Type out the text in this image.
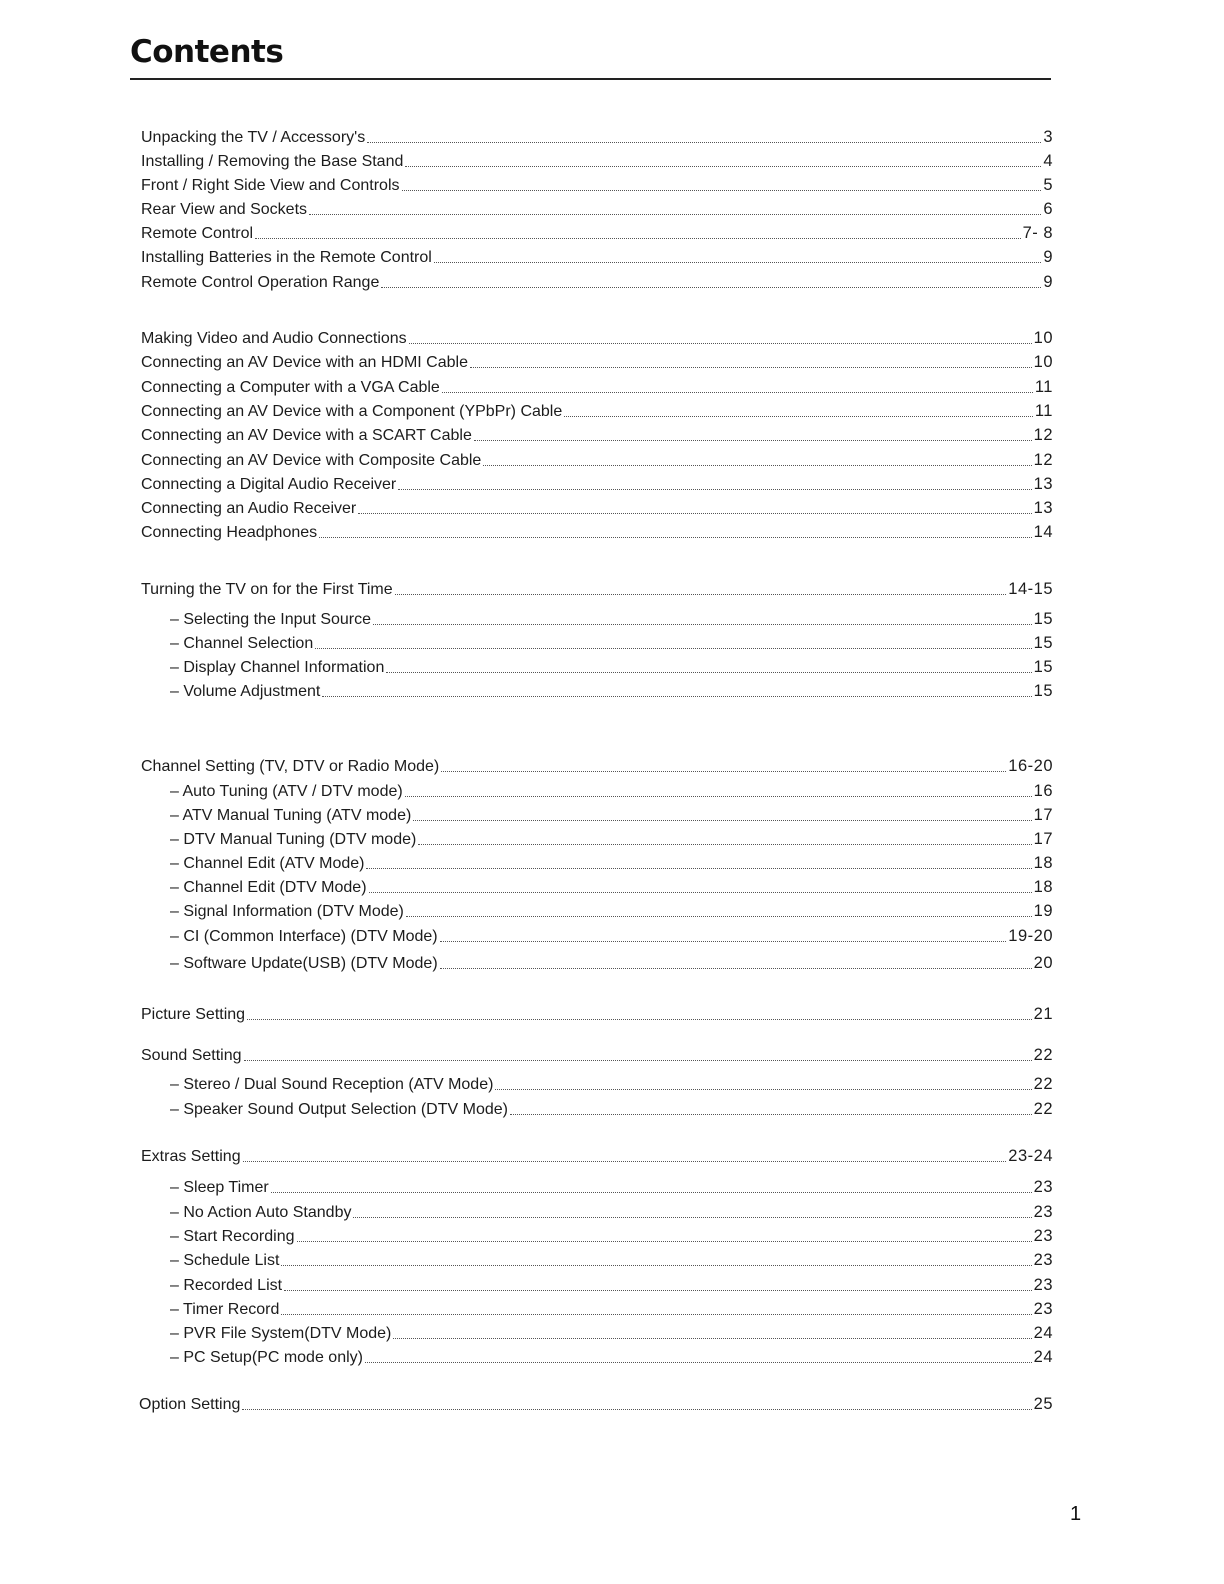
Contents
Unpacking the TV / Accessory's	3
Installing / Removing the Base Stand	4
Front / Right Side View and Controls	5
Rear View and Sockets	6
Remote Control	7- 8
Installing Batteries in the Remote Control	9
Remote Control Operation Range	9
Making Video and Audio Connections	10
Connecting an AV Device with an HDMI Cable	10
Connecting a Computer with a VGA Cable	11
Connecting an AV Device with a Component (YPbPr) Cable	11
Connecting an AV Device with a SCART Cable	12
Connecting an AV Device with Composite Cable	12
Connecting a Digital Audio Receiver	13
Connecting an Audio Receiver	13
Connecting Headphones	14
Turning the TV on for the First Time	14-15
– Selecting the Input Source	15
– Channel Selection	15
– Display Channel Information	15
– Volume Adjustment	15
Channel Setting (TV, DTV or Radio Mode)	16-20
– Auto Tuning (ATV / DTV mode)	16
– ATV Manual Tuning (ATV mode)	17
– DTV Manual Tuning (DTV mode)	17
– Channel Edit (ATV Mode)	18
– Channel Edit (DTV Mode)	18
– Signal Information (DTV Mode)	19
– CI (Common Interface) (DTV Mode)	19-20
– Software Update(USB) (DTV Mode)	20
Picture Setting	21
Sound Setting	22
– Stereo / Dual Sound Reception (ATV Mode)	22
– Speaker Sound Output Selection (DTV Mode)	22
Extras Setting	23-24
– Sleep Timer	23
– No Action Auto Standby	23
– Start Recording	23
– Schedule List	23
– Recorded List	23
– Timer Record	23
– PVR File System(DTV Mode)	24
– PC Setup(PC mode only)	24
Option Setting	25
1
